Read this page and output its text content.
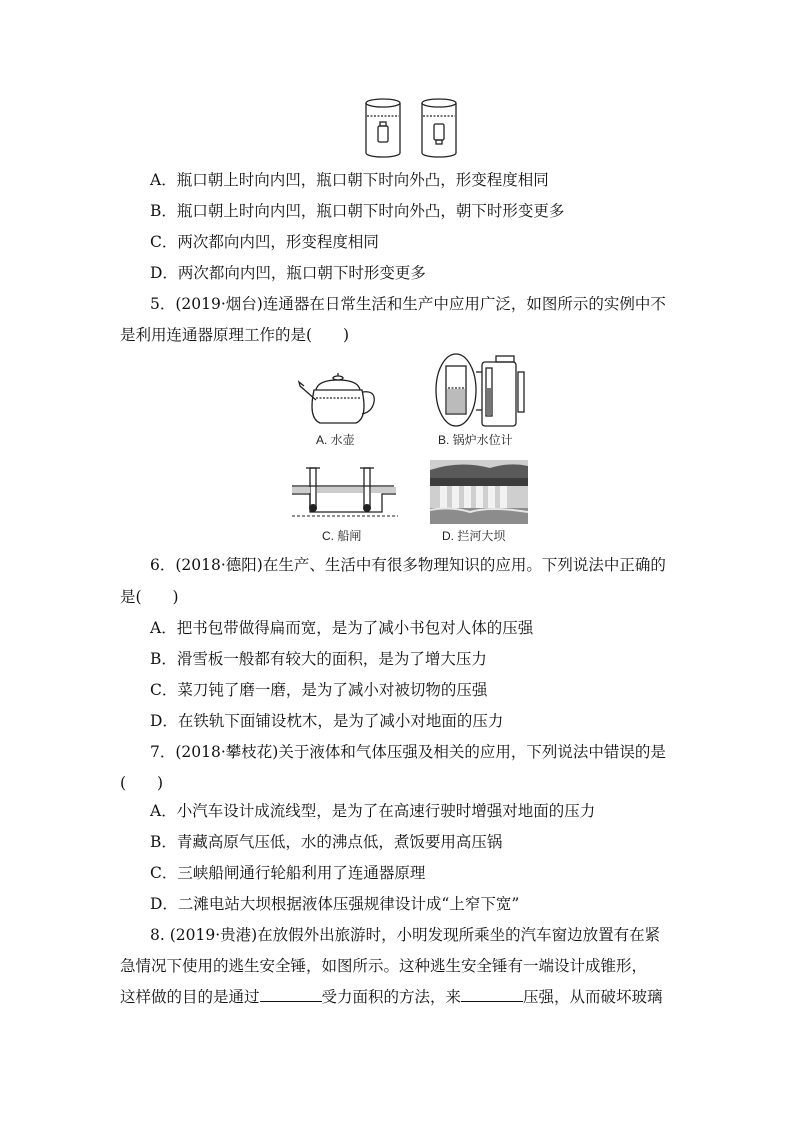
A．瓶口朝上时向内凹，瓶口朝下时向外凸，形变程度相同
B．瓶口朝上时向内凹，瓶口朝下时向外凸，朝下时形变更多
C．两次都向内凹，形变程度相同
D．两次都向内凹，瓶口朝下时形变更多
5．(2019·烟台)连通器在日常生活和生产中应用广泛，如图所示的实例中不
是利用连通器原理工作的是(　　)
A. 水壶	B. 锅炉水位计
C. 船闸	D. 拦河大坝
6．(2018·德阳)在生产、生活中有很多物理知识的应用。下列说法中正确的
是(　　)
A．把书包带做得扁而宽，是为了减小书包对人体的压强
B．滑雪板一般都有较大的面积，是为了增大压力
C．菜刀钝了磨一磨，是为了减小对被切物的压强
D．在铁轨下面铺设枕木，是为了减小对地面的压力
7．(2018·攀枝花)关于液体和气体压强及相关的应用，下列说法中错误的是
(　　)
A．小汽车设计成流线型，是为了在高速行驶时增强对地面的压力
B．青藏高原气压低，水的沸点低，煮饭要用高压锅
C．三峡船闸通行轮船利用了连通器原理
D．二滩电站大坝根据液体压强规律设计成“上窄下宽”
8. (2019·贵港)在放假外出旅游时，小明发现所乘坐的汽车窗边放置有在紧
急情况下使用的逃生安全锤，如图所示。这种逃生安全锤有一端设计成锥形，
这样做的目的是通过	受力面积的方法，来	压强，从而破坏玻璃
